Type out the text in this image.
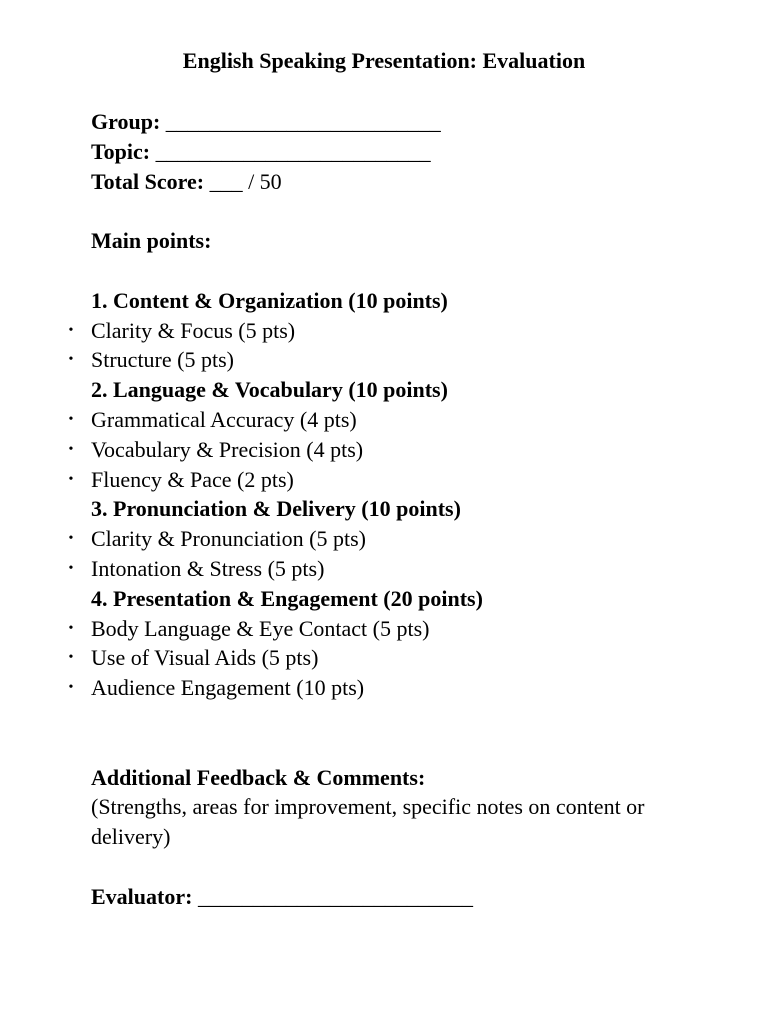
English Speaking Presentation: Evaluation
Group: _________________________
Topic: _________________________
Total Score: ___ / 50
Main points:
1. Content & Organization (10 points)
• Clarity & Focus (5 pts)
• Structure (5 pts)
2. Language & Vocabulary (10 points)
• Grammatical Accuracy (4 pts)
• Vocabulary & Precision (4 pts)
• Fluency & Pace (2 pts)
3. Pronunciation & Delivery (10 points)
• Clarity & Pronunciation (5 pts)
• Intonation & Stress (5 pts)
4. Presentation & Engagement (20 points)
• Body Language & Eye Contact (5 pts)
• Use of Visual Aids (5 pts)
• Audience Engagement (10 pts)
Additional Feedback & Comments:
(Strengths, areas for improvement, specific notes on content or delivery)
Evaluator: _________________________
